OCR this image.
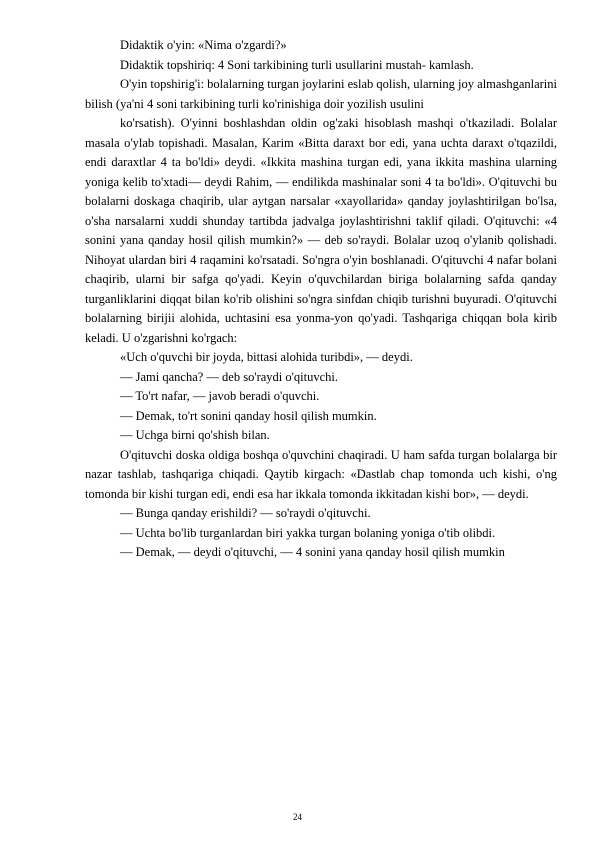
Didaktik o'yin: «Nima o'zgardi?»

Didaktik topshiriq: 4 Soni tarkibining turli usullarini mustah- kamlash.

O'yin topshirig'i: bolalarning turgan joylarini eslab qolish, ularning joy almashganlarini bilish (ya'ni 4 soni tarkibining turli ko'rinishiga doir yozilish usulini

ko'rsatish). O'yinni boshlashdan oldin og'zaki hisoblash mashqi o'tkaziladi. Bolalar masala o'ylab topishadi. Masalan, Karim «Bitta daraxt bor edi, yana uchta daraxt o'tqazildi, endi daraxtlar 4 ta bo'ldi» deydi. «Ikkita mashina turgan edi, yana ikkita mashina ularning yoniga kelib to'xtadi— deydi Rahim, — endilikda mashinalar soni 4 ta bo'ldi». O'qituvchi bu bolalarni doskaga chaqirib, ular aytgan narsalar «xayollarida» qanday joylashtirilgan bo'lsa, o'sha narsalarni xuddi shunday tartibda jadvalga joylashtirishni taklif qiladi. O'qituvchi: «4 sonini yana qanday hosil qilish mumkin?» — deb so'raydi. Bolalar uzoq o'ylanib qolishadi. Nihoyat ulardan biri 4 raqamini ko'rsatadi. So'ngra o'yin boshlanadi. O'qituvchi 4 nafar bolani chaqirib, ularni bir safga qo'yadi. Keyin o'quvchilardan biriga bolalarning safda qanday turganliklarini diqqat bilan ko'rib olishini so'ngra sinfdan chiqib turishni buyuradi. O'qituvchi bolalarning birijii alohida, uchtasini esa yonma-yon qo'yadi. Tashqariga chiqqan bola kirib keladi. U o'zgarishni ko'rgach:

«Uch o'quvchi bir joyda, bittasi alohida turibdi», — deydi.

— Jami qancha? — deb so'raydi o'qituvchi.

— To'rt nafar, — javob beradi o'quvchi.

— Demak, to'rt sonini qanday hosil qilish mumkin.

— Uchga birni qo'shish bilan.

O'qituvchi doska oldiga boshqa o'quvchini chaqiradi. U ham safda turgan bolalarga bir nazar tashlab, tashqariga chiqadi. Qaytib kirgach: «Dastlab chap tomonda uch kishi, o'ng tomonda bir kishi turgan edi, endi esa har ikkala tomonda ikkitadan kishi bor», — deydi.

— Bunga qanday erishildi? — so'raydi o'qituvchi.

— Uchta bo'lib turganlardan biri yakka turgan bolaning yoniga o'tib olibdi.

— Demak, — deydi o'qituvchi, — 4 sonini yana qanday hosil qilish mumkin

24
